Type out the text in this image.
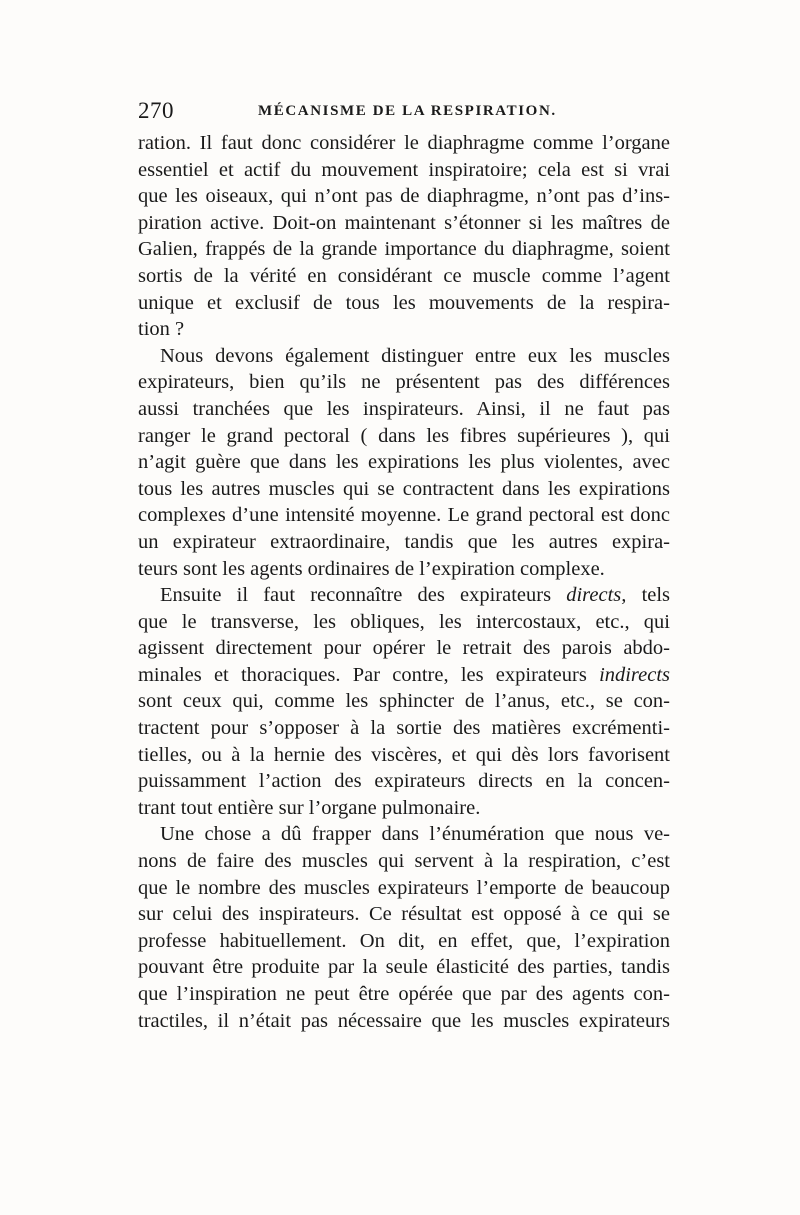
270	MÉCANISME DE LA RESPIRATION.
ration. Il faut donc considérer le diaphragme comme l’organe
essentiel et actif du mouvement inspiratoire; cela est si vrai
que les oiseaux, qui n’ont pas de diaphragme, n’ont pas d’ins-
piration active. Doit-on maintenant s’étonner si les maîtres de
Galien, frappés de la grande importance du diaphragme, soient
sortis de la vérité en considérant ce muscle comme l’agent
unique et exclusif de tous les mouvements de la respira-
tion ?
Nous devons également distinguer entre eux les muscles
expirateurs, bien qu’ils ne présentent pas des différences
aussi tranchées que les inspirateurs. Ainsi, il ne faut pas
ranger le grand pectoral ( dans les fibres supérieures ), qui
n’agit guère que dans les expirations les plus violentes, avec
tous les autres muscles qui se contractent dans les expirations
complexes d’une intensité moyenne. Le grand pectoral est donc
un expirateur extraordinaire, tandis que les autres expira-
teurs sont les agents ordinaires de l’expiration complexe.
Ensuite il faut reconnaître des expirateurs directs, tels
que le transverse, les obliques, les intercostaux, etc., qui
agissent directement pour opérer le retrait des parois abdo-
minales et thoraciques. Par contre, les expirateurs indirects
sont ceux qui, comme les sphincter de l’anus, etc., se con-
tractent pour s’opposer à la sortie des matières excrémenti-
tielles, ou à la hernie des viscères, et qui dès lors favorisent
puissamment l’action des expirateurs directs en la concen-
trant tout entière sur l’organe pulmonaire.
Une chose a dû frapper dans l’énumération que nous ve-
nons de faire des muscles qui servent à la respiration, c’est
que le nombre des muscles expirateurs l’emporte de beaucoup
sur celui des inspirateurs. Ce résultat est opposé à ce qui se
professe habituellement. On dit, en effet, que, l’expiration
pouvant être produite par la seule élasticité des parties, tandis
que l’inspiration ne peut être opérée que par des agents con-
tractiles, il n’était pas nécessaire que les muscles expirateurs
